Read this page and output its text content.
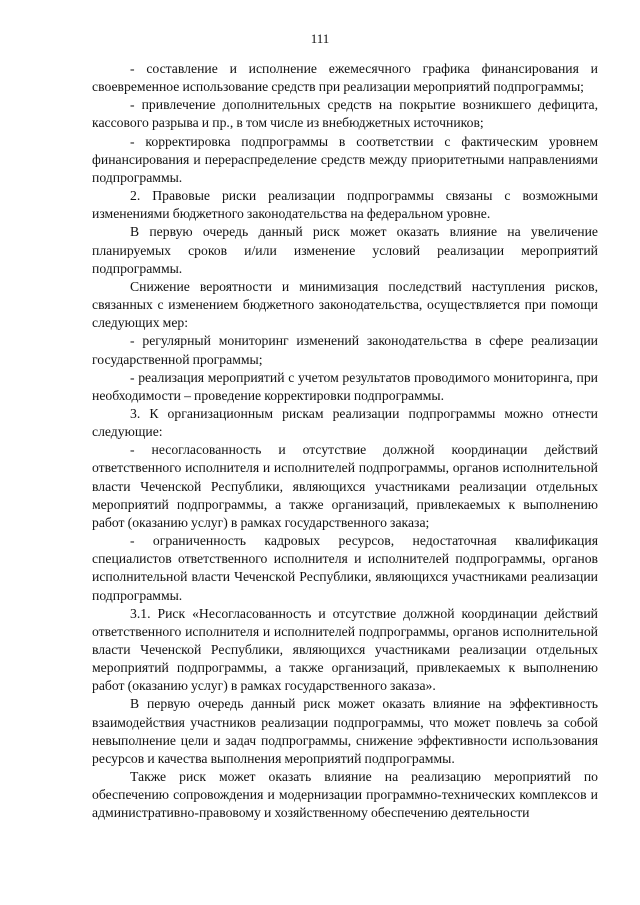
111

- составление и исполнение ежемесячного графика финансирования и своевременное использование средств при реализации мероприятий подпрограммы;

- привлечение дополнительных средств на покрытие возникшего дефицита, кассового разрыва и пр., в том числе из внебюджетных источников;

- корректировка подпрограммы в соответствии с фактическим уровнем финансирования и перераспределение средств между приоритетными направлениями подпрограммы.

2. Правовые риски реализации подпрограммы связаны с возможными изменениями бюджетного законодательства на федеральном уровне.

В первую очередь данный риск может оказать влияние на увеличение планируемых сроков и/или изменение условий реализации мероприятий подпрограммы.

Снижение вероятности и минимизация последствий наступления рисков, связанных с изменением бюджетного законодательства, осуществляется при помощи следующих мер:

- регулярный мониторинг изменений законодательства в сфере реализации государственной программы;

- реализация мероприятий с учетом результатов проводимого мониторинга, при необходимости – проведение корректировки подпрограммы.

3. К организационным рискам реализации подпрограммы можно отнести следующие:

- несогласованность и отсутствие должной координации действий ответственного исполнителя и исполнителей подпрограммы, органов исполнительной власти Чеченской Республики, являющихся участниками реализации отдельных мероприятий подпрограммы, а также организаций, привлекаемых к выполнению работ (оказанию услуг) в рамках государственного заказа;

- ограниченность кадровых ресурсов, недостаточная квалификация специалистов ответственного исполнителя и исполнителей подпрограммы, органов исполнительной власти Чеченской Республики, являющихся участниками реализации подпрограммы.

3.1. Риск «Несогласованность и отсутствие должной координации действий ответственного исполнителя и исполнителей подпрограммы, органов исполнительной власти Чеченской Республики, являющихся участниками реализации отдельных мероприятий подпрограммы, а также организаций, привлекаемых к выполнению работ (оказанию услуг) в рамках государственного заказа».

В первую очередь данный риск может оказать влияние на эффективность взаимодействия участников реализации подпрограммы, что может повлечь за собой невыполнение цели и задач подпрограммы, снижение эффективности использования ресурсов и качества выполнения мероприятий подпрограммы.

Также риск может оказать влияние на реализацию мероприятий по обеспечению сопровождения и модернизации программно-технических комплексов и административно-правовому и хозяйственному обеспечению деятельности
